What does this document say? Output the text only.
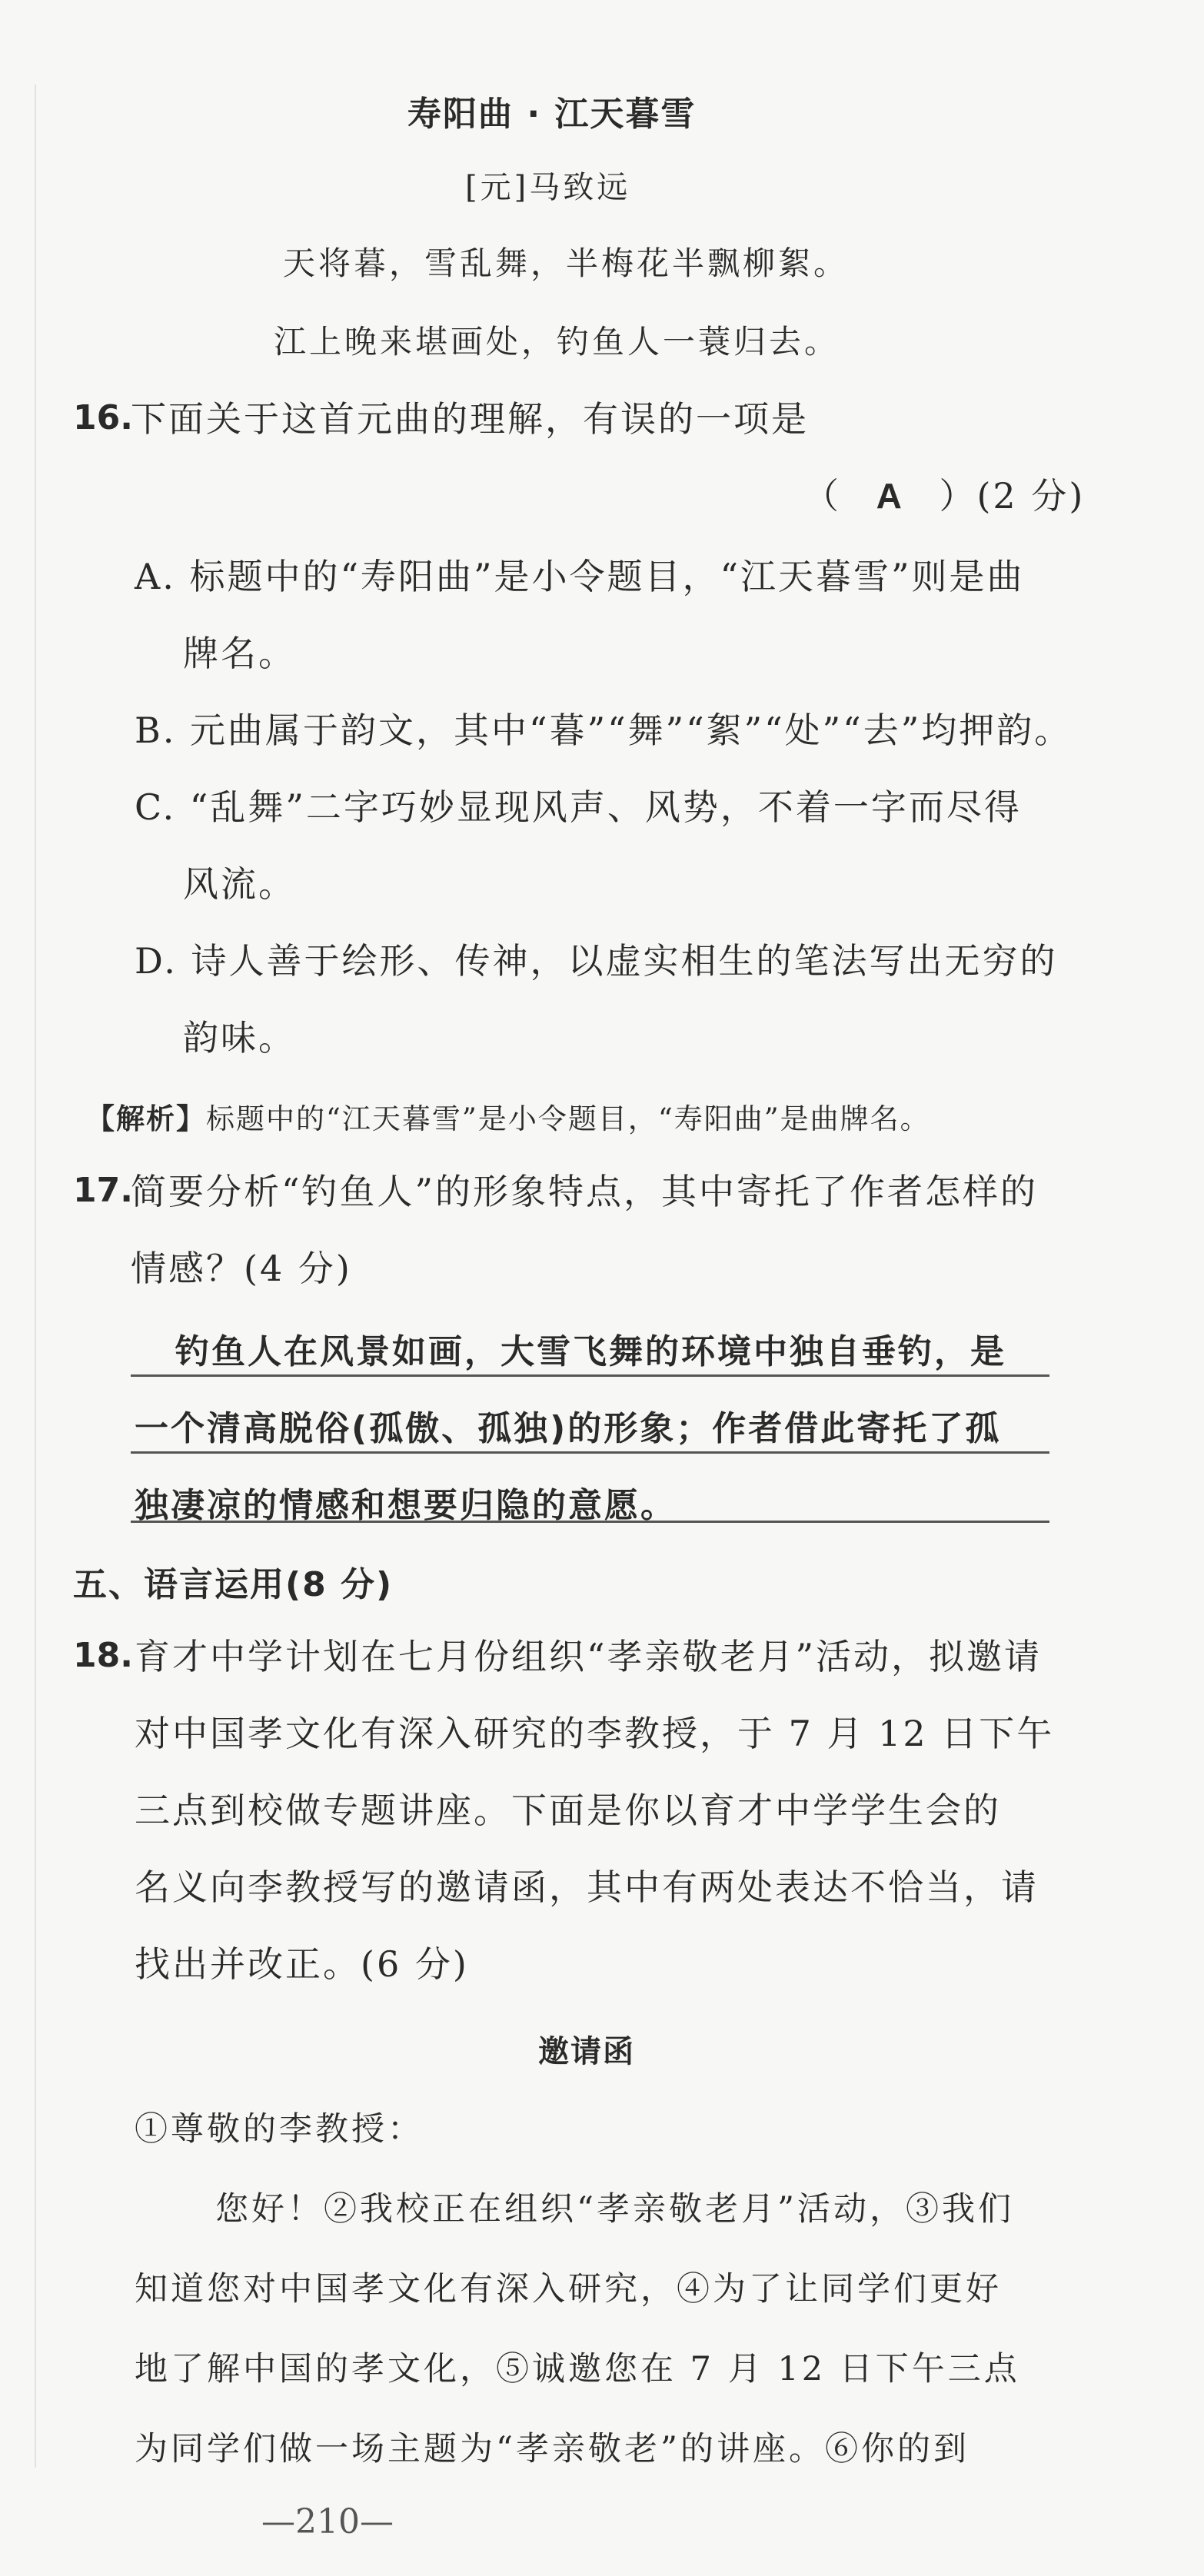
寿阳曲 · 江天暮雪
[元]马致远
天将暮，雪乱舞，半梅花半飘柳絮。
江上晚来堪画处，钓鱼人一蓑归去。
16.
下面关于这首元曲的理解，有误的一项是
（ A ）(2 分)
A. 标题中的“寿阳曲”是小令题目，“江天暮雪”则是曲
牌名。
B. 元曲属于韵文，其中“暮”“舞”“絮”“处”“去”均押韵。
C. “乱舞”二字巧妙显现风声、风势，不着一字而尽得
风流。
D. 诗人善于绘形、传神，以虚实相生的笔法写出无穷的
韵味。
【解析】标题中的“江天暮雪”是小令题目，“寿阳曲”是曲牌名。
17.
简要分析“钓鱼人”的形象特点，其中寄托了作者怎样的
情感？(4 分)
钓鱼人在风景如画，大雪飞舞的环境中独自垂钓，是
一个清高脱俗(孤傲、孤独)的形象；作者借此寄托了孤
独凄凉的情感和想要归隐的意愿。
五、语言运用(8 分)
18. 育才中学计划在七月份组织“孝亲敬老月”活动，拟邀请
对中国孝文化有深入研究的李教授，于 7 月 12 日下午
三点到校做专题讲座。下面是你以育才中学学生会的
名义向李教授写的邀请函，其中有两处表达不恰当，请
找出并改正。(6 分)
邀请函
①尊敬的李教授：
您好！②我校正在组织“孝亲敬老月”活动，③我们
知道您对中国孝文化有深入研究，④为了让同学们更好
地了解中国的孝文化，⑤诚邀您在 7 月 12 日下午三点
为同学们做一场主题为“孝亲敬老”的讲座。⑥你的到
—210—
